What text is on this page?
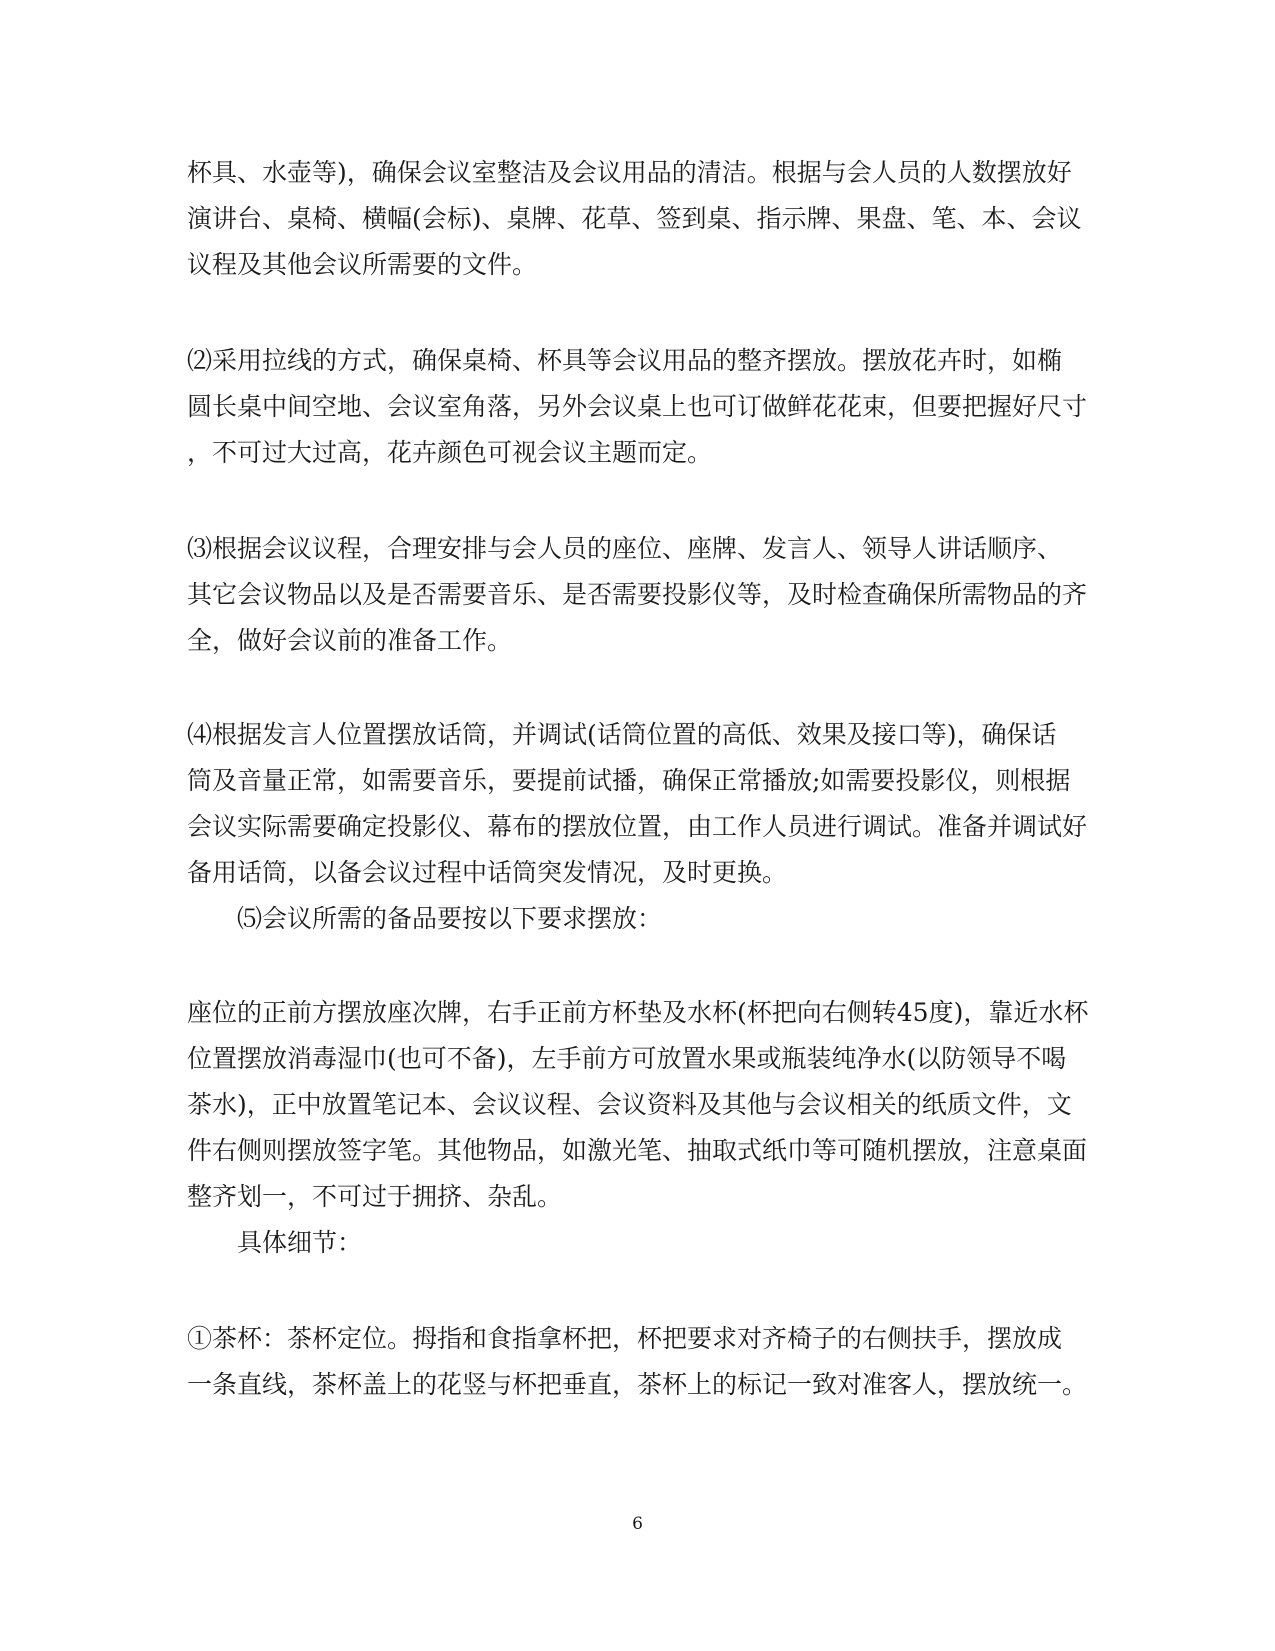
杯具、水壶等)，确保会议室整洁及会议用品的清洁。根据与会人员的人数摆放好
演讲台、桌椅、横幅(会标)、桌牌、花草、签到桌、指示牌、果盘、笔、本、会议
议程及其他会议所需要的文件。
⑵采用拉线的方式，确保桌椅、杯具等会议用品的整齐摆放。摆放花卉时，如椭
圆长桌中间空地、会议室角落，另外会议桌上也可订做鲜花花束，但要把握好尺寸
，不可过大过高，花卉颜色可视会议主题而定。
⑶根据会议议程，合理安排与会人员的座位、座牌、发言人、领导人讲话顺序、
其它会议物品以及是否需要音乐、是否需要投影仪等，及时检查确保所需物品的齐
全，做好会议前的准备工作。
⑷根据发言人位置摆放话筒，并调试(话筒位置的高低、效果及接口等)，确保话
筒及音量正常，如需要音乐，要提前试播，确保正常播放;如需要投影仪，则根据
会议实际需要确定投影仪、幕布的摆放位置，由工作人员进行调试。准备并调试好
备用话筒，以备会议过程中话筒突发情况，及时更换。
⑸会议所需的备品要按以下要求摆放：
座位的正前方摆放座次牌，右手正前方杯垫及水杯(杯把向右侧转45度)，靠近水杯
位置摆放消毒湿巾(也可不备)，左手前方可放置水果或瓶装纯净水(以防领导不喝
茶水)，正中放置笔记本、会议议程、会议资料及其他与会议相关的纸质文件，文
件右侧则摆放签字笔。其他物品，如激光笔、抽取式纸巾等可随机摆放，注意桌面
整齐划一，不可过于拥挤、杂乱。
具体细节：
①茶杯：茶杯定位。拇指和食指拿杯把，杯把要求对齐椅子的右侧扶手，摆放成
一条直线，茶杯盖上的花竖与杯把垂直，茶杯上的标记一致对准客人，摆放统一。
6
